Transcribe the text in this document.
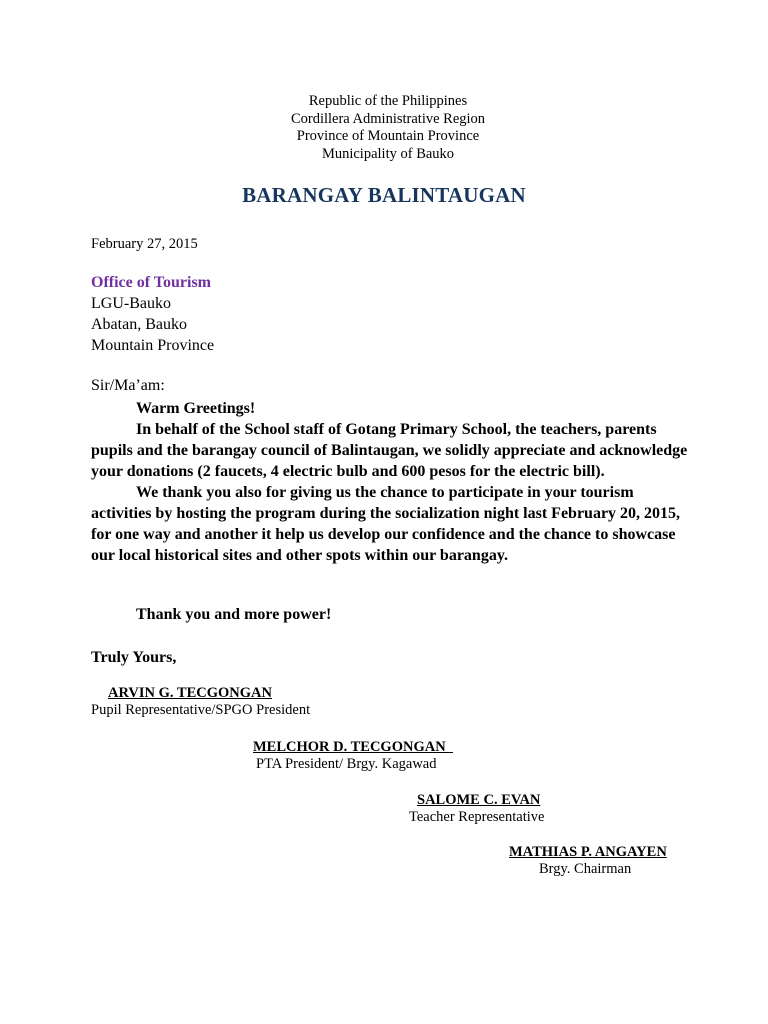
Republic of the Philippines
Cordillera Administrative Region
Province of Mountain Province
Municipality of Bauko
BARANGAY BALINTAUGAN
February 27, 2015
Office of Tourism
LGU-Bauko
Abatan, Bauko
Mountain Province
Sir/Ma’am:

Warm Greetings!

In behalf of the School staff of Gotang Primary School, the teachers, parents pupils and the barangay council of Balintaugan, we solidly appreciate and acknowledge your donations (2 faucets, 4 electric bulb and 600 pesos for the electric bill).

We thank you also for giving us the chance to participate in your tourism activities by hosting the program during the socialization night last February 20, 2015, for one way and another it help us develop our confidence and the chance to showcase our local historical sites and other spots within our barangay.

Thank you and more power!
Truly Yours,
ARVIN G. TECGONGAN
Pupil Representative/SPGO President
MELCHOR D. TECGONGAN
PTA President/ Brgy. Kagawad
SALOME C. EVAN
Teacher Representative
MATHIAS P. ANGAYEN
Brgy. Chairman
